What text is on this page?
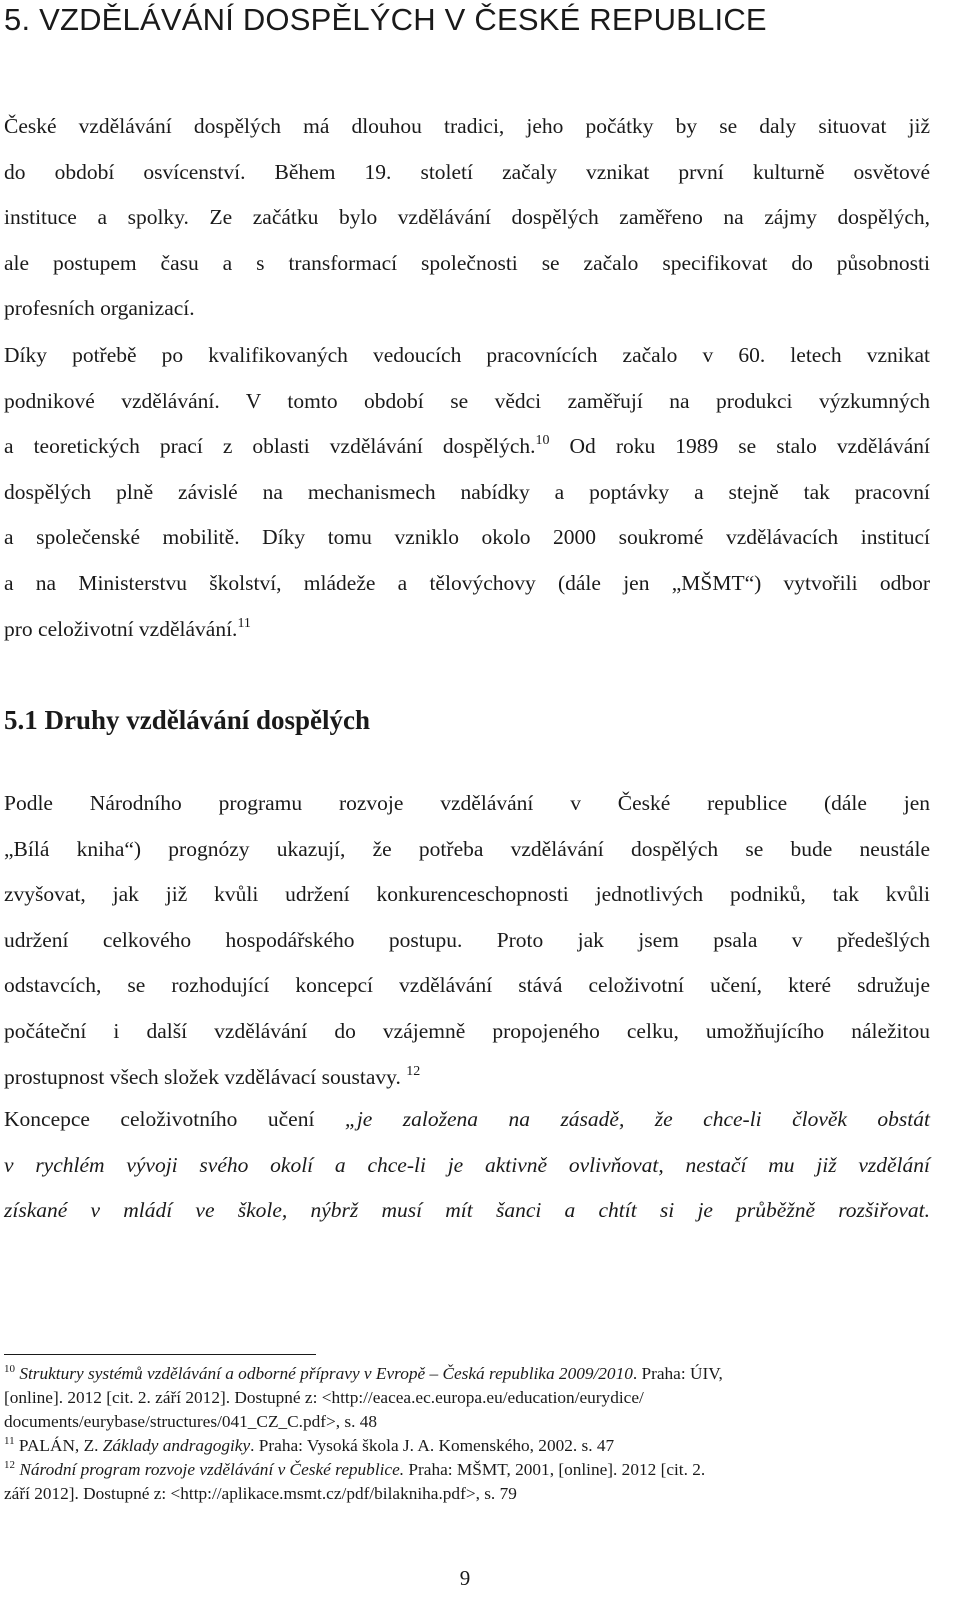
5. VZDĚLÁVÁNÍ DOSPĚLÝCH V ČESKÉ REPUBLICE
České vzdělávání dospělých má dlouhou tradici, jeho počátky by se daly situovat již
do období osvícenství. Během 19. století začaly vznikat první kulturně osvětové
instituce a spolky. Ze začátku bylo vzdělávání dospělých zaměřeno na zájmy dospělých,
ale postupem času a s transformací společnosti se začalo specifikovat do působnosti
profesních organizací.
Díky potřebě po kvalifikovaných vedoucích pracovnících začalo v 60. letech vznikat
podnikové vzdělávání. V tomto období se vědci zaměřují na produkci výzkumných
a teoretických prací z oblasti vzdělávání dospělých.$^{10}$ Od roku 1989 se stalo vzdělávání
dospělých plně závislé na mechanismech nabídky a poptávky a stejně tak pracovní
a společenské mobilitě. Díky tomu vzniklo okolo 2000 soukromé vzdělávacích institucí
a na Ministerstvu školství, mládeže a tělovýchovy (dále jen „MŠMT“) vytvořili odbor
pro celoživotní vzdělávání.$^{11}$
5.1 Druhy vzdělávání dospělých
Podle Národního programu rozvoje vzdělávání v České republice (dále jen
„Bílá kniha“) prognózy ukazují, že potřeba vzdělávání dospělých se bude neustále
zvyšovat, jak již kvůli udržení konkurenceschopnosti jednotlivých podniků, tak kvůli
udržení celkového hospodářského postupu. Proto jak jsem psala v předešlých
odstavcích, se rozhodující koncepcí vzdělávání stává celoživotní učení, které sdružuje
počáteční i další vzdělávání do vzájemně propojeného celku, umožňujícího náležitou
prostupnost všech složek vzdělávací soustavy. $^{12}$
Koncepce celoživotního učení „je založena na zásadě, že chce-li člověk obstát
v rychlém vývoji svého okolí a chce-li je aktivně ovlivňovat, nestačí mu již vzdělání
získané v mládí ve škole, nýbrž musí mít šanci a chtít si je průběžně rozšiřovat.
$^{10}$ Struktury systémů vzdělávání a odborné přípravy v Evropě – Česká republika 2009/2010. Praha: ÚIV,
[online]. 2012 [cit. 2. září 2012]. Dostupné z: <http://eacea.ec.europa.eu/education/eurydice/
documents/eurybase/structures/041_CZ_C.pdf>, s. 48
$^{11}$ PALÁN, Z. Základy andragogiky. Praha: Vysoká škola J. A. Komenského, 2002. s. 47
$^{12}$ Národní program rozvoje vzdělávání v České republice. Praha: MŠMT, 2001, [online]. 2012 [cit. 2.
září 2012]. Dostupné z: <http://aplikace.msmt.cz/pdf/bilakniha.pdf>, s. 79
9
